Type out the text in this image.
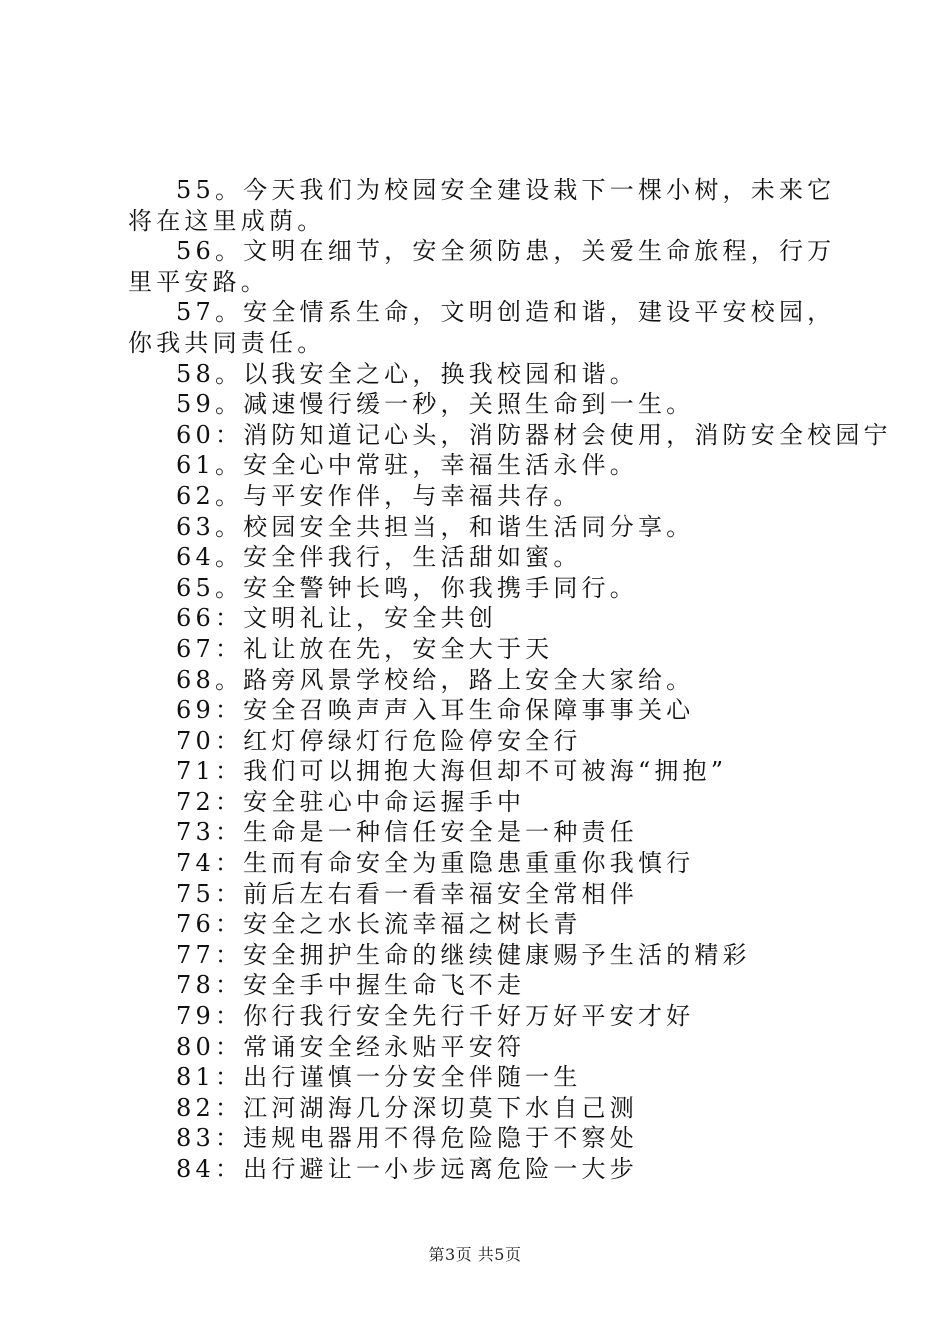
55。今天我们为校园安全建设栽下一棵小树，未来它将在这里成荫。

56。文明在细节，安全须防患，关爱生命旅程，行万里平安路。

57。安全情系生命，文明创造和谐，建设平安校园，你我共同责任。

58。以我安全之心，换我校园和谐。

59。减速慢行缓一秒，关照生命到一生。

60：消防知道记心头，消防器材会使用，消防安全校园宁

61。安全心中常驻，幸福生活永伴。

62。与平安作伴，与幸福共存。

63。校园安全共担当，和谐生活同分享。

64。安全伴我行，生活甜如蜜。

65。安全警钟长鸣，你我携手同行。

66：文明礼让，安全共创

67：礼让放在先，安全大于天

68。路旁风景学校给，路上安全大家给。

69：安全召唤声声入耳生命保障事事关心

70：红灯停绿灯行危险停安全行

71：我们可以拥抱大海但却不可被海“拥抱”

72：安全驻心中命运握手中

73：生命是一种信任安全是一种责任

74：生而有命安全为重隐患重重你我慎行

75：前后左右看一看幸福安全常相伴

76：安全之水长流幸福之树长青

77：安全拥护生命的继续健康赐予生活的精彩

78：安全手中握生命飞不走

79：你行我行安全先行千好万好平安才好

80：常诵安全经永贴平安符

81：出行谨慎一分安全伴随一生

82：江河湖海几分深切莫下水自己测

83：违规电器用不得危险隐于不察处

84：出行避让一小步远离危险一大步

第3页 共5页
